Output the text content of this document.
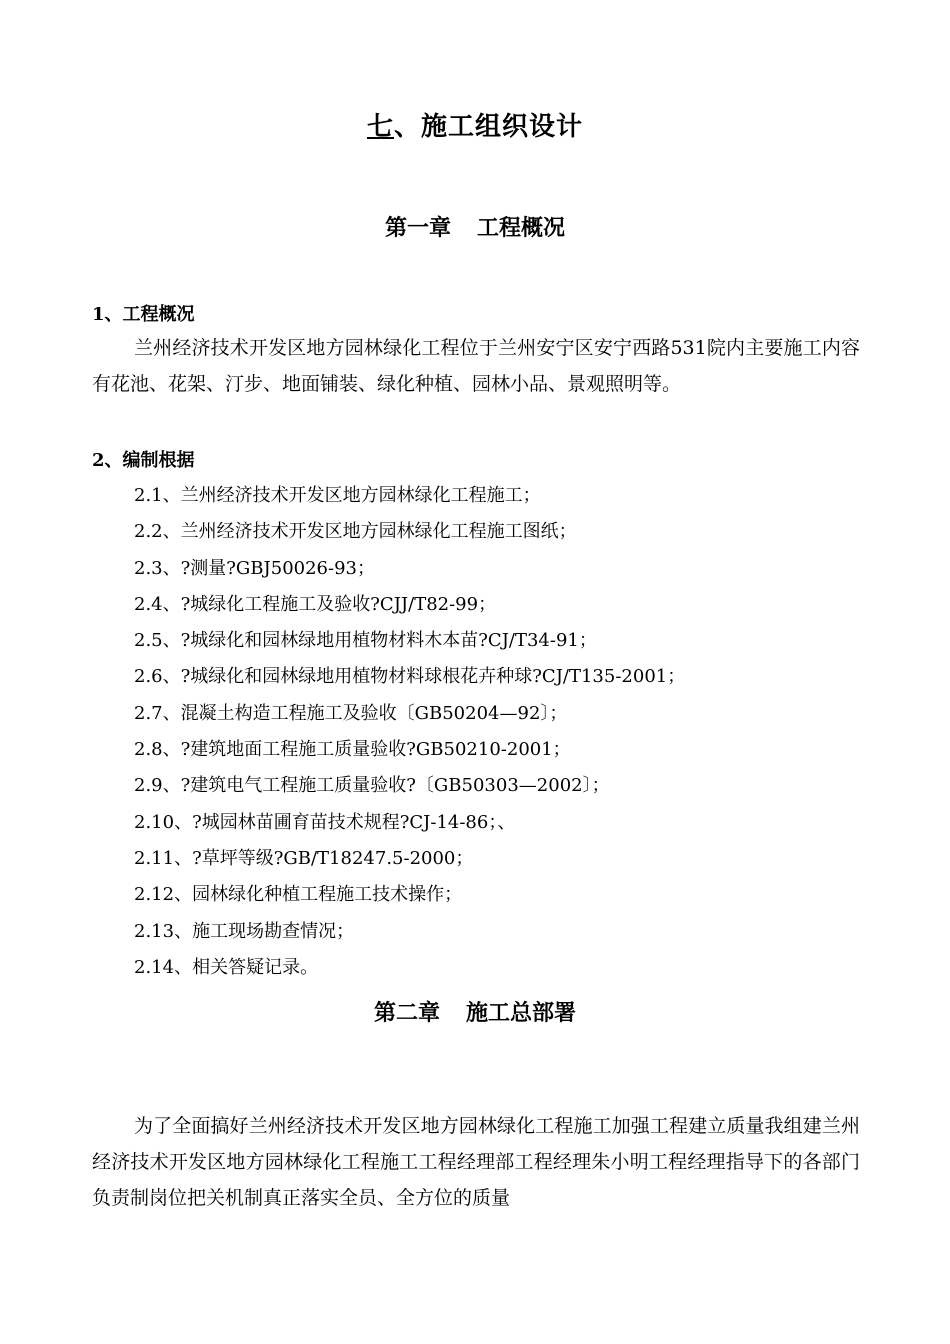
七、施工组织设计
第一章 工程概况
1、工程概况
兰州经济技术开发区地方园林绿化工程位于兰州安宁区安宁西路531院内主要施工内容有花池、花架、汀步、地面铺装、绿化种植、园林小品、景观照明等。
2、编制根据
2.1、兰州经济技术开发区地方园林绿化工程施工；
2.2、兰州经济技术开发区地方园林绿化工程施工图纸；
2.3、?测量?GBJ50026-93；
2.4、?城绿化工程施工及验收?CJJ/T82-99；
2.5、?城绿化和园林绿地用植物材料木本苗?CJ/T34-91；
2.6、?城绿化和园林绿地用植物材料球根花卉种球?CJ/T135-2001；
2.7、混凝土构造工程施工及验收〔GB50204—92〕；
2.8、?建筑地面工程施工质量验收?GB50210-2001；
2.9、?建筑电气工程施工质量验收?〔GB50303—2002〕；
2.10、?城园林苗圃育苗技术规程?CJ-14-86；、
2.11、?草坪等级?GB/T18247.5-2000；
2.12、园林绿化种植工程施工技术操作；
2.13、施工现场勘查情况；
2.14、相关答疑记录。
第二章 施工总部署
为了全面搞好兰州经济技术开发区地方园林绿化工程施工加强工程建立质量我组建兰州经济技术开发区地方园林绿化工程施工工程经理部工程经理朱小明工程经理指导下的各部门负责制岗位把关机制真正落实全员、全方位的质量
